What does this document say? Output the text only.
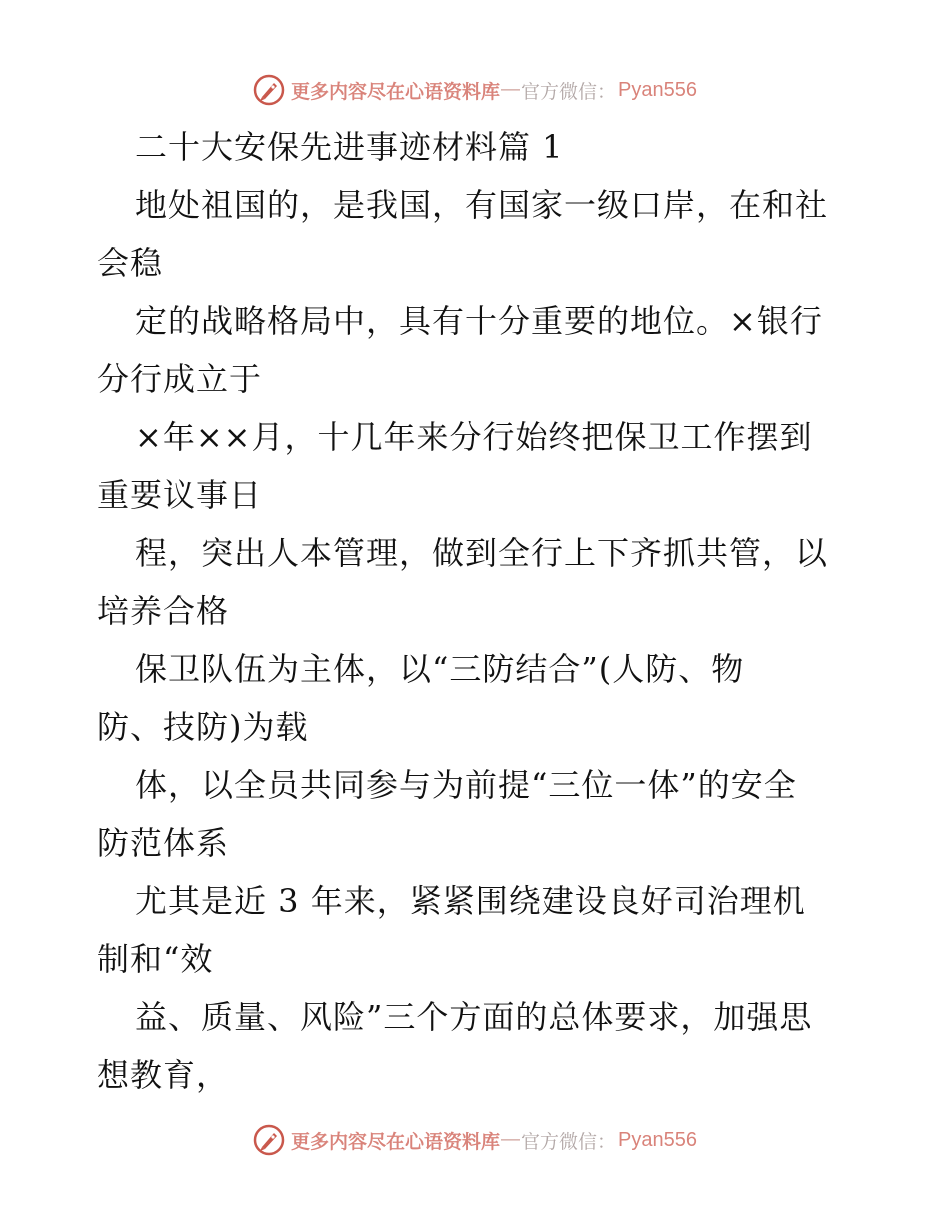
更多内容尽在心语资料库 — 官方微信： Pyan556
二十大安保先进事迹材料篇 1
地处祖国的，是我国，有国家一级口岸，在和社
会稳
定的战略格局中，具有十分重要的地位。×银行
分行成立于
×年××月，十几年来分行始终把保卫工作摆到
重要议事日
程，突出人本管理，做到全行上下齐抓共管，以
培养合格
保卫队伍为主体，以“三防结合”(人防、物
防、技防)为载
体，以全员共同参与为前提“三位一体”的安全
防范体系
尤其是近 3 年来，紧紧围绕建设良好司治理机
制和“效
益、质量、风险”三个方面的总体要求，加强思
想教育，
更多内容尽在心语资料库 — 官方微信： Pyan556
